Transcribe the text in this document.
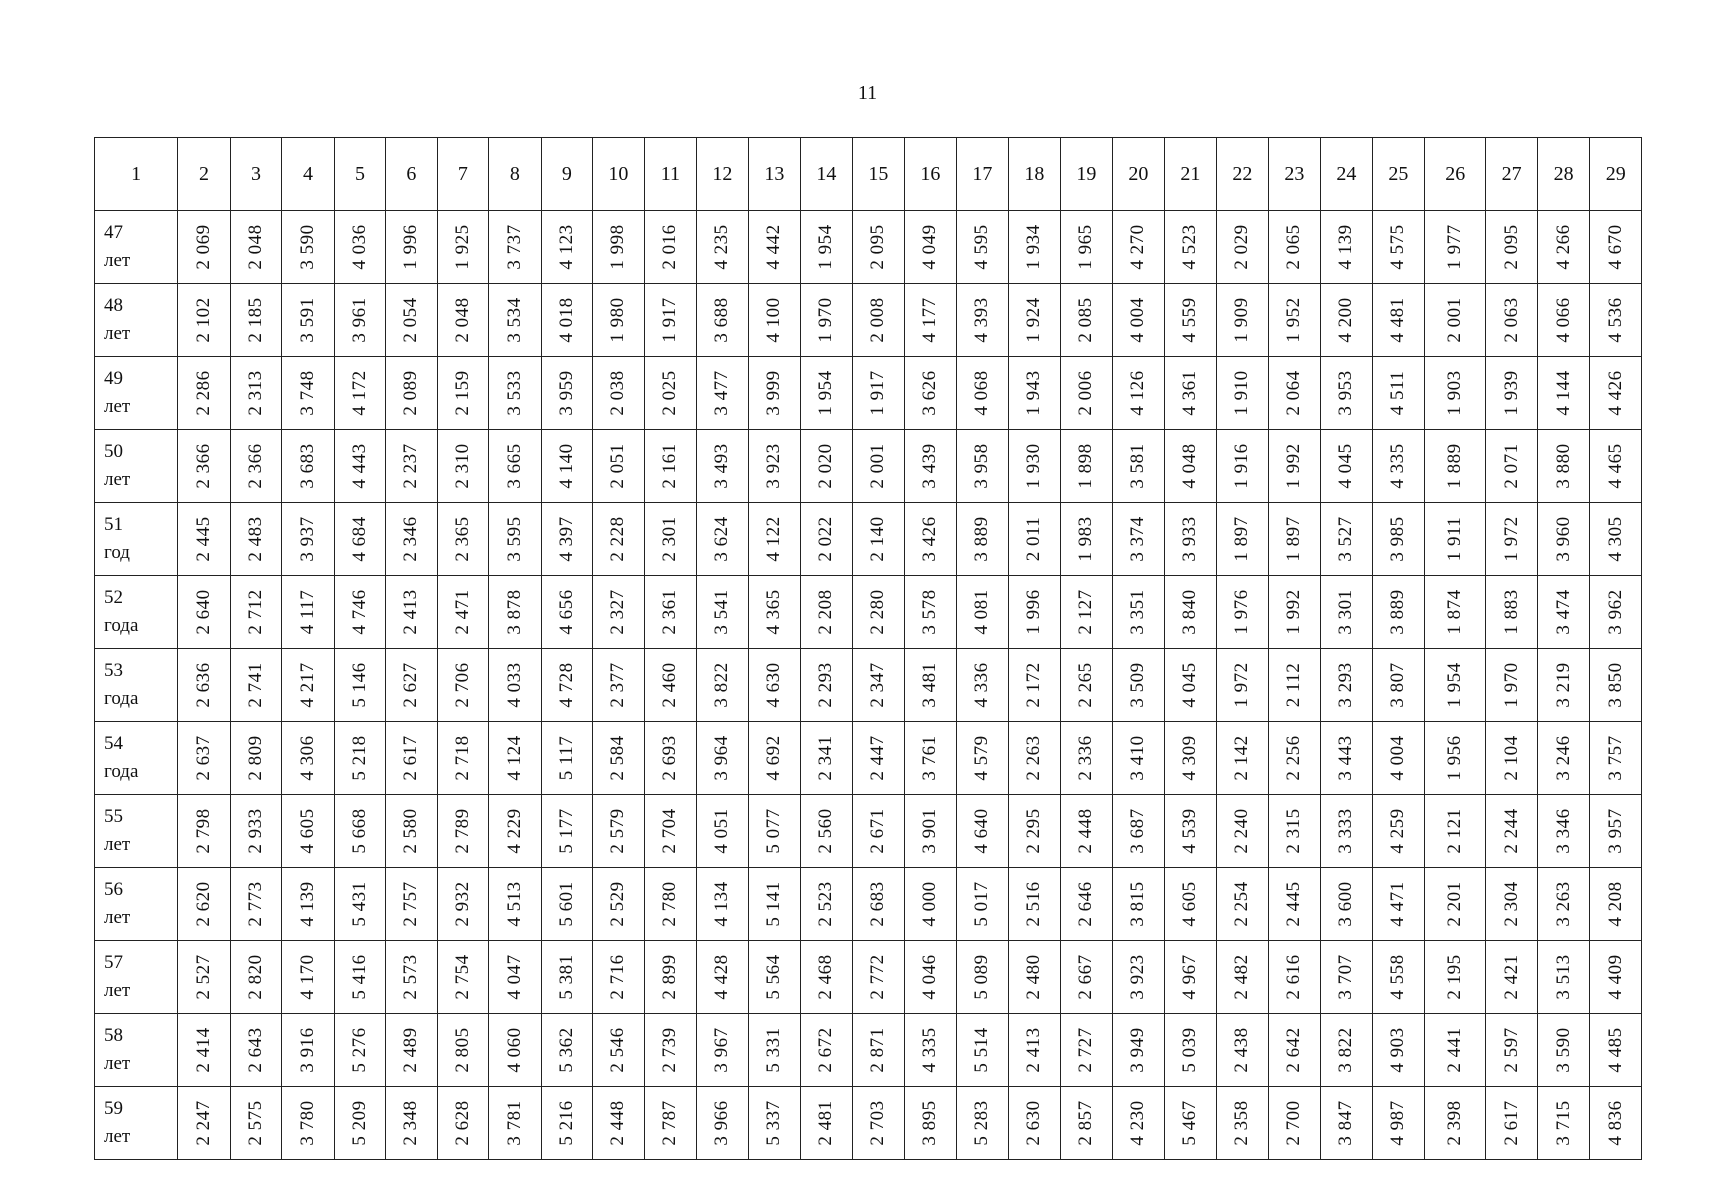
11
1	2	3	4	5	6	7	8	9	10	11	12	13	14	15	16	17	18	19	20	21	22	23	24	25	26	27	28	29

47
лет	2 069	2 048	3 590	4 036	1 996	1 925	3 737	4 123	1 998	2 016	4 235	4 442	1 954	2 095	4 049	4 595	1 934	1 965	4 270	4 523	2 029	2 065	4 139	4 575	1 977	2 095	4 266	4 670

48
лет	2 102	2 185	3 591	3 961	2 054	2 048	3 534	4 018	1 980	1 917	3 688	4 100	1 970	2 008	4 177	4 393	1 924	2 085	4 004	4 559	1 909	1 952	4 200	4 481	2 001	2 063	4 066	4 536

49
лет	2 286	2 313	3 748	4 172	2 089	2 159	3 533	3 959	2 038	2 025	3 477	3 999	1 954	1 917	3 626	4 068	1 943	2 006	4 126	4 361	1 910	2 064	3 953	4 511	1 903	1 939	4 144	4 426

50
лет	2 366	2 366	3 683	4 443	2 237	2 310	3 665	4 140	2 051	2 161	3 493	3 923	2 020	2 001	3 439	3 958	1 930	1 898	3 581	4 048	1 916	1 992	4 045	4 335	1 889	2 071	3 880	4 465

51
год	2 445	2 483	3 937	4 684	2 346	2 365	3 595	4 397	2 228	2 301	3 624	4 122	2 022	2 140	3 426	3 889	2 011	1 983	3 374	3 933	1 897	1 897	3 527	3 985	1 911	1 972	3 960	4 305

52
года	2 640	2 712	4 117	4 746	2 413	2 471	3 878	4 656	2 327	2 361	3 541	4 365	2 208	2 280	3 578	4 081	1 996	2 127	3 351	3 840	1 976	1 992	3 301	3 889	1 874	1 883	3 474	3 962

53
года	2 636	2 741	4 217	5 146	2 627	2 706	4 033	4 728	2 377	2 460	3 822	4 630	2 293	2 347	3 481	4 336	2 172	2 265	3 509	4 045	1 972	2 112	3 293	3 807	1 954	1 970	3 219	3 850

54
года	2 637	2 809	4 306	5 218	2 617	2 718	4 124	5 117	2 584	2 693	3 964	4 692	2 341	2 447	3 761	4 579	2 263	2 336	3 410	4 309	2 142	2 256	3 443	4 004	1 956	2 104	3 246	3 757

55
лет	2 798	2 933	4 605	5 668	2 580	2 789	4 229	5 177	2 579	2 704	4 051	5 077	2 560	2 671	3 901	4 640	2 295	2 448	3 687	4 539	2 240	2 315	3 333	4 259	2 121	2 244	3 346	3 957

56
лет	2 620	2 773	4 139	5 431	2 757	2 932	4 513	5 601	2 529	2 780	4 134	5 141	2 523	2 683	4 000	5 017	2 516	2 646	3 815	4 605	2 254	2 445	3 600	4 471	2 201	2 304	3 263	4 208

57
лет	2 527	2 820	4 170	5 416	2 573	2 754	4 047	5 381	2 716	2 899	4 428	5 564	2 468	2 772	4 046	5 089	2 480	2 667	3 923	4 967	2 482	2 616	3 707	4 558	2 195	2 421	3 513	4 409

58
лет	2 414	2 643	3 916	5 276	2 489	2 805	4 060	5 362	2 546	2 739	3 967	5 331	2 672	2 871	4 335	5 514	2 413	2 727	3 949	5 039	2 438	2 642	3 822	4 903	2 441	2 597	3 590	4 485

59
лет	2 247	2 575	3 780	5 209	2 348	2 628	3 781	5 216	2 448	2 787	3 966	5 337	2 481	2 703	3 895	5 283	2 630	2 857	4 230	5 467	2 358	2 700	3 847	4 987	2 398	2 617	3 715	4 836
